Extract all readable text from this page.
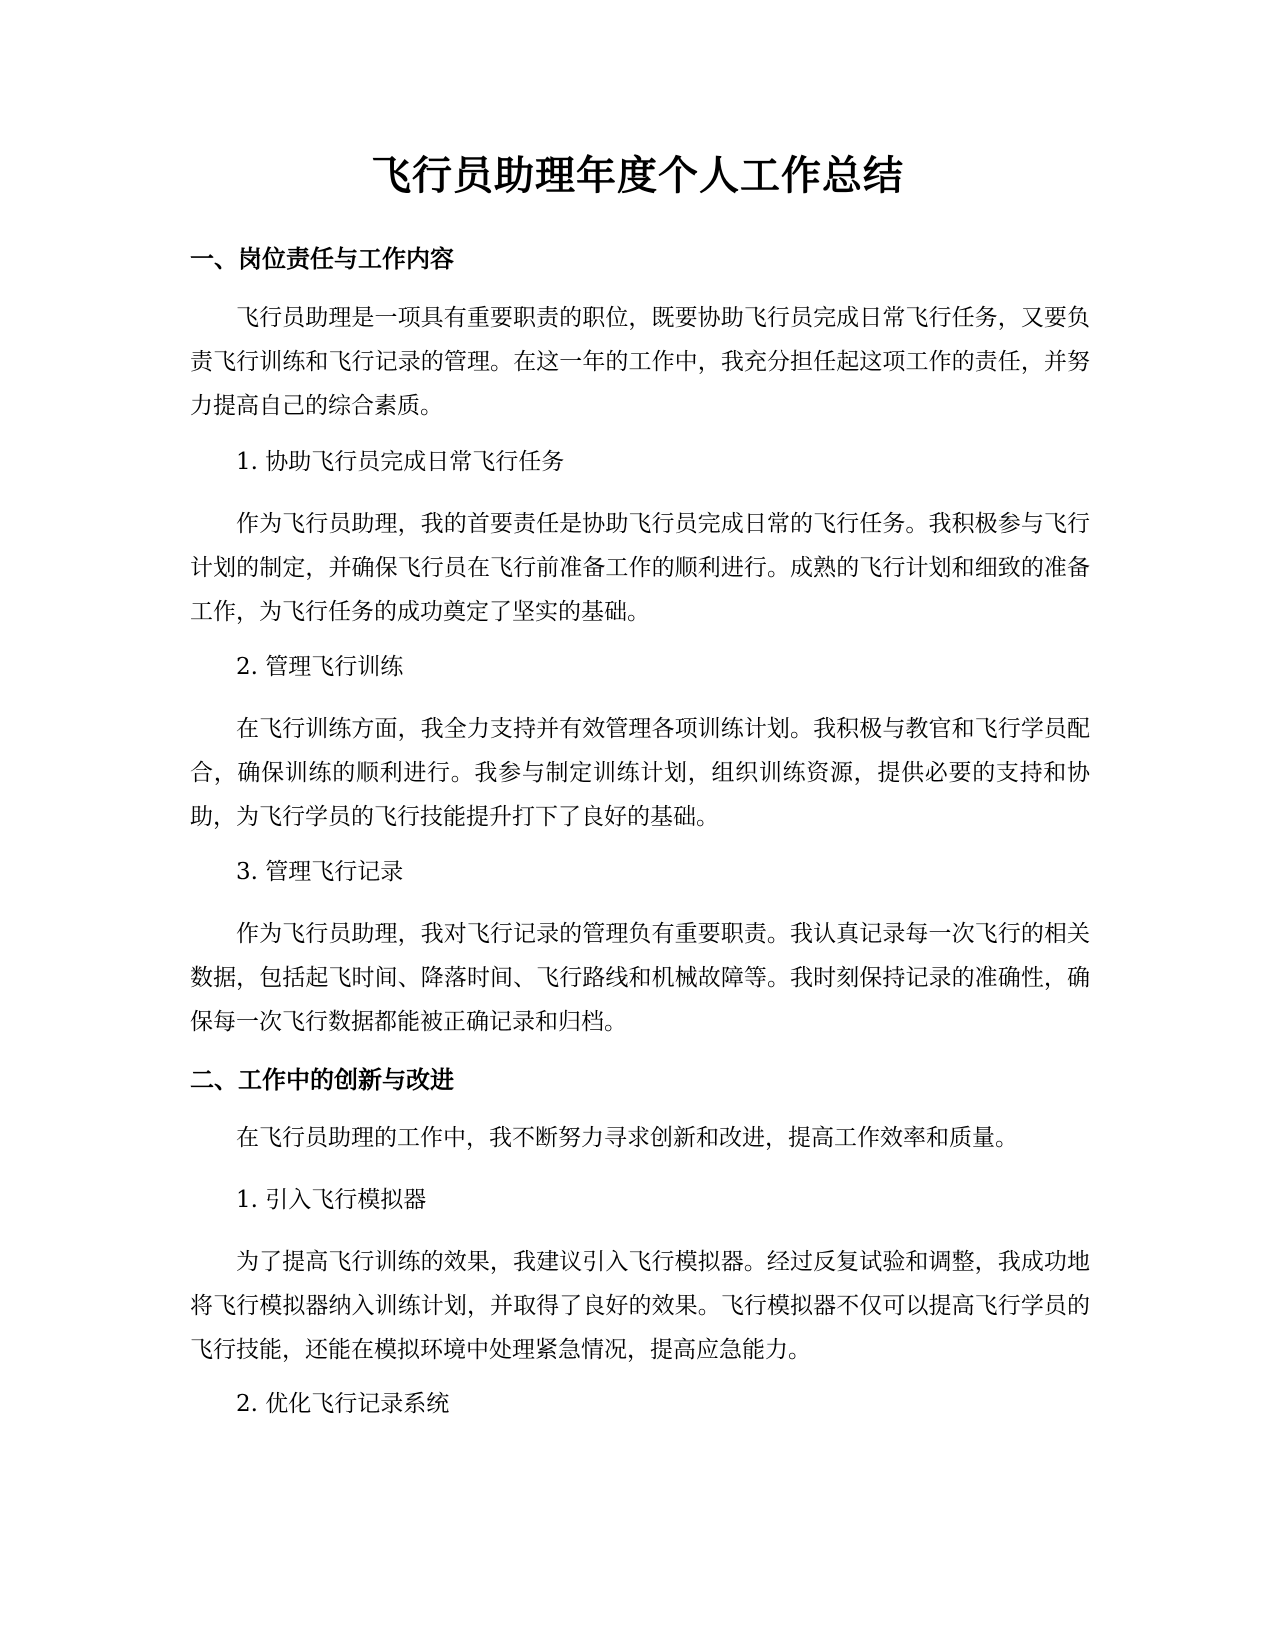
飞行员助理年度个人工作总结
一、岗位责任与工作内容

飞行员助理是一项具有重要职责的职位，既要协助飞行员完成日常飞行任务，又要负责飞行训练和飞行记录的管理。在这一年的工作中，我充分担任起这项工作的责任，并努力提高自己的综合素质。

1. 协助飞行员完成日常飞行任务

作为飞行员助理，我的首要责任是协助飞行员完成日常的飞行任务。我积极参与飞行计划的制定，并确保飞行员在飞行前准备工作的顺利进行。成熟的飞行计划和细致的准备工作，为飞行任务的成功奠定了坚实的基础。

2. 管理飞行训练

在飞行训练方面，我全力支持并有效管理各项训练计划。我积极与教官和飞行学员配合，确保训练的顺利进行。我参与制定训练计划，组织训练资源，提供必要的支持和协助，为飞行学员的飞行技能提升打下了良好的基础。

3. 管理飞行记录

作为飞行员助理，我对飞行记录的管理负有重要职责。我认真记录每一次飞行的相关数据，包括起飞时间、降落时间、飞行路线和机械故障等。我时刻保持记录的准确性，确保每一次飞行数据都能被正确记录和归档。

二、工作中的创新与改进

在飞行员助理的工作中，我不断努力寻求创新和改进，提高工作效率和质量。

1. 引入飞行模拟器

为了提高飞行训练的效果，我建议引入飞行模拟器。经过反复试验和调整，我成功地将飞行模拟器纳入训练计划，并取得了良好的效果。飞行模拟器不仅可以提高飞行学员的飞行技能，还能在模拟环境中处理紧急情况，提高应急能力。

2. 优化飞行记录系统
